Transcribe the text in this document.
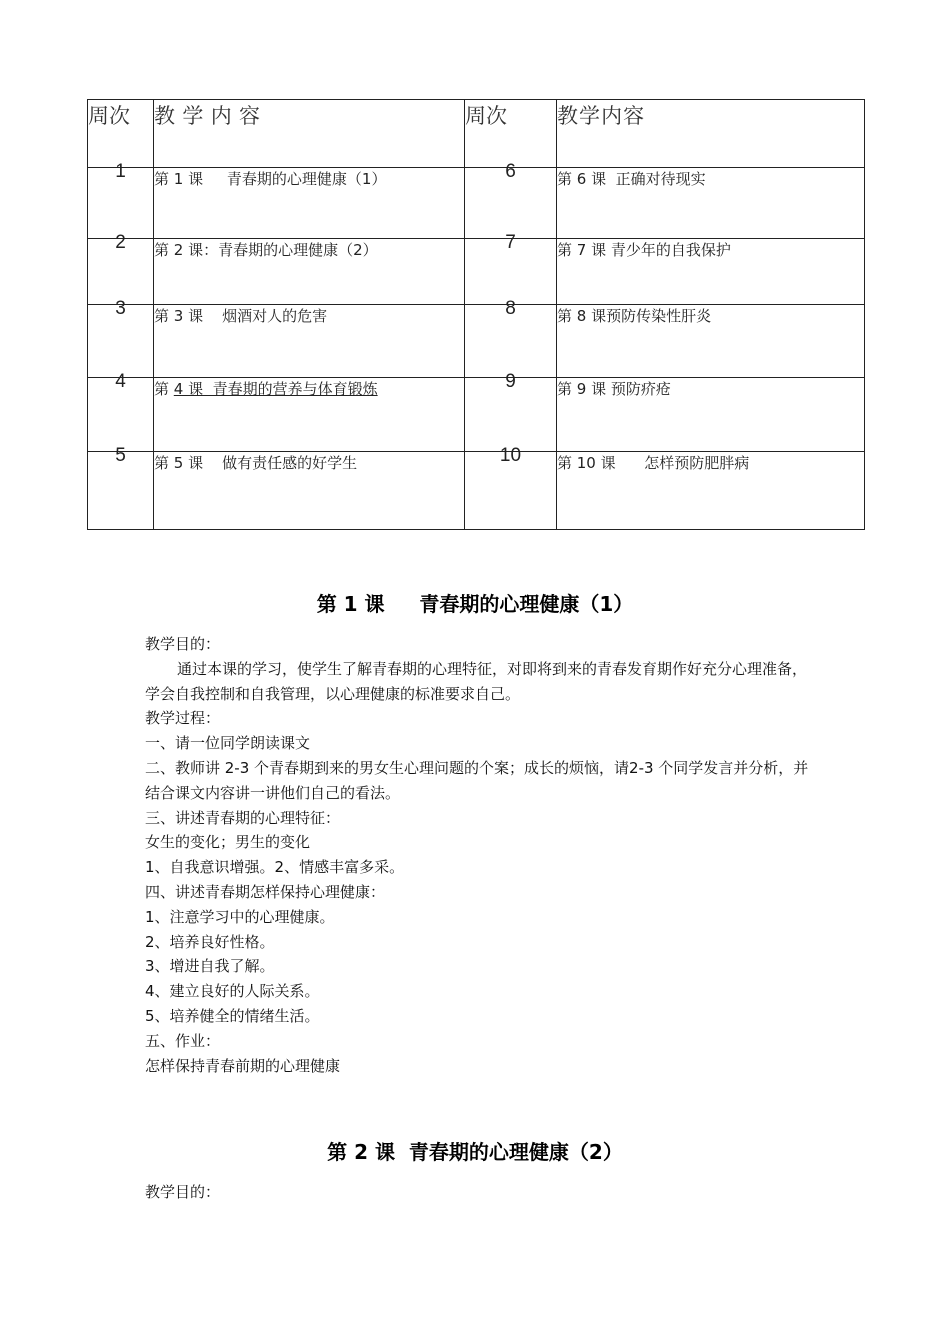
周次	教学内容	周次	教学内容
1	第 1 课     青春期的心理健康（1）	6	第 6 课  正确对待现实
2	第 2 课：青春期的心理健康（2）	7	第 7 课 青少年的自我保护
3	第 3 课    烟酒对人的危害	8	第 8 课预防传染性肝炎
4	第 4 课  青春期的营养与体育锻炼	9	第 9 课 预防疥疮
5	第 5 课    做有责任感的好学生	10	第 10 课      怎样预防肥胖病
第 1 课     青春期的心理健康（1）

教学目的：

通过本课的学习，使学生了解青春期的心理特征，对即将到来的青春发育期作好充分心理准备，学会自我控制和自我管理，以心理健康的标准要求自己。

教学过程：

一、请一位同学朗读课文

二、教师讲 2-3 个青春期到来的男女生心理问题的个案；成长的烦恼，请2-3 个同学发言并分析，并结合课文内容讲一讲他们自己的看法。

三、讲述青春期的心理特征：

女生的变化；男生的变化

1、自我意识增强。2、情感丰富多采。

四、讲述青春期怎样保持心理健康：

1、注意学习中的心理健康。

2、培养良好性格。

3、增进自我了解。

4、建立良好的人际关系。

5、培养健全的情绪生活。

五、作业：

怎样保持青春前期的心理健康

第 2 课  青春期的心理健康（2）

教学目的：
